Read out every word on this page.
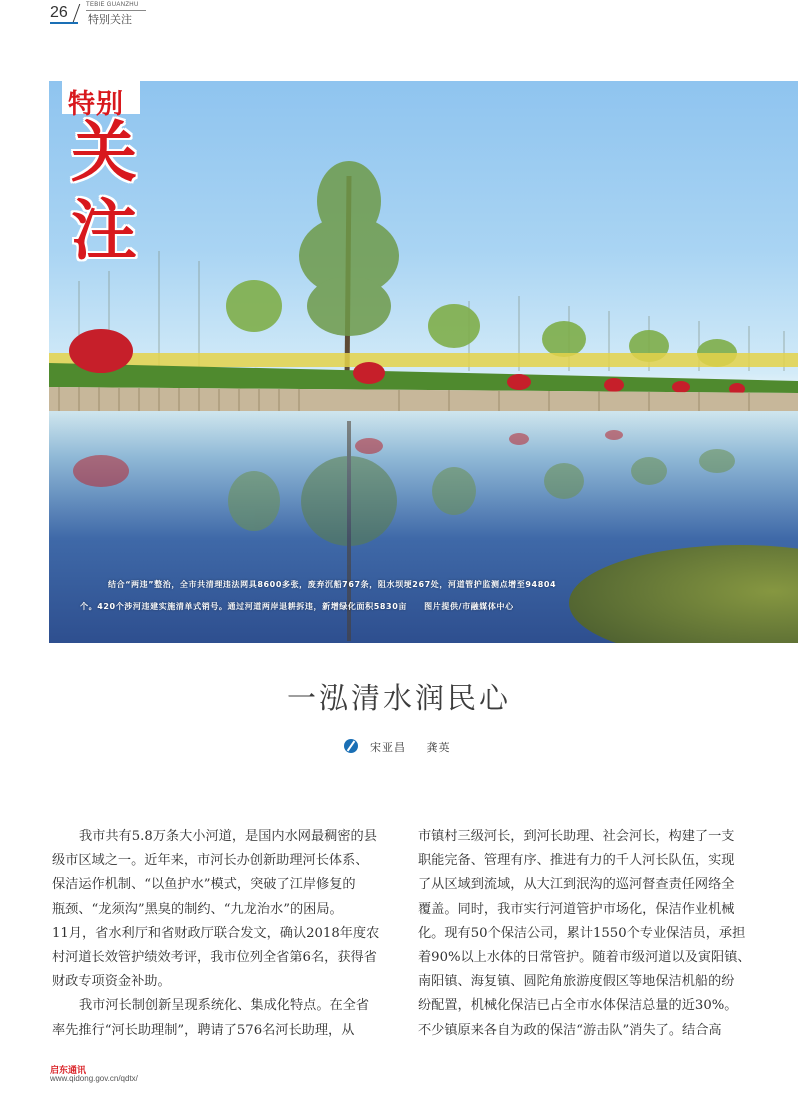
26	TEBIE GUANZHU
特别关注
特别
关
注
结合“两违”整治，全市共清理违法网具8600多张，废弃沉船767条，阻水坝埂267处，河道管护监测点增至94804
个。420个涉河违建实施清单式销号。通过河道两岸退耕拆违，新增绿化面积5830亩　　图片提供/市融媒体中心
一泓清水润民心
宋亚昌 龚英
我市共有5.8万条大小河道，是国内水网最稠密的县
级市区域之一。近年来，市河长办创新助理河长体系、
保洁运作机制、“以鱼护水”模式，突破了江岸修复的
瓶颈、“龙须沟”黑臭的制约、“九龙治水”的困局。
11月，省水利厅和省财政厅联合发文，确认2018年度农
村河道长效管护绩效考评，我市位列全省第6名，获得省
财政专项资金补助。
我市河长制创新呈现系统化、集成化特点。在全省
率先推行“河长助理制”，聘请了576名河长助理，从
市镇村三级河长，到河长助理、社会河长，构建了一支
职能完备、管理有序、推进有力的千人河长队伍，实现
了从区域到流域，从大江到泯沟的巡河督查责任网络全
覆盖。同时，我市实行河道管护市场化，保洁作业机械
化。现有50个保洁公司，累计1550个专业保洁员，承担
着90%以上水体的日常管护。随着市级河道以及寅阳镇、
南阳镇、海复镇、圆陀角旅游度假区等地保洁机船的纷
纷配置，机械化保洁已占全市水体保洁总量的近30%。
不少镇原来各自为政的保洁“游击队”消失了。结合高
启东通讯
www.qidong.gov.cn/qdtx/
